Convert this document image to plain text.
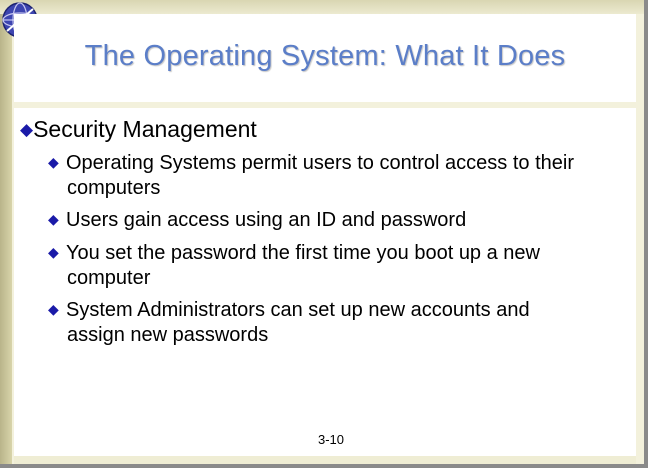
The Operating System: What It Does
◆Security Management
◆ Operating Systems permit users to control access to their
computers
◆ Users gain access using an ID and password
◆ You set the password the first time you boot up a new
computer
◆ System Administrators can set up new accounts and
assign new passwords
3-10
